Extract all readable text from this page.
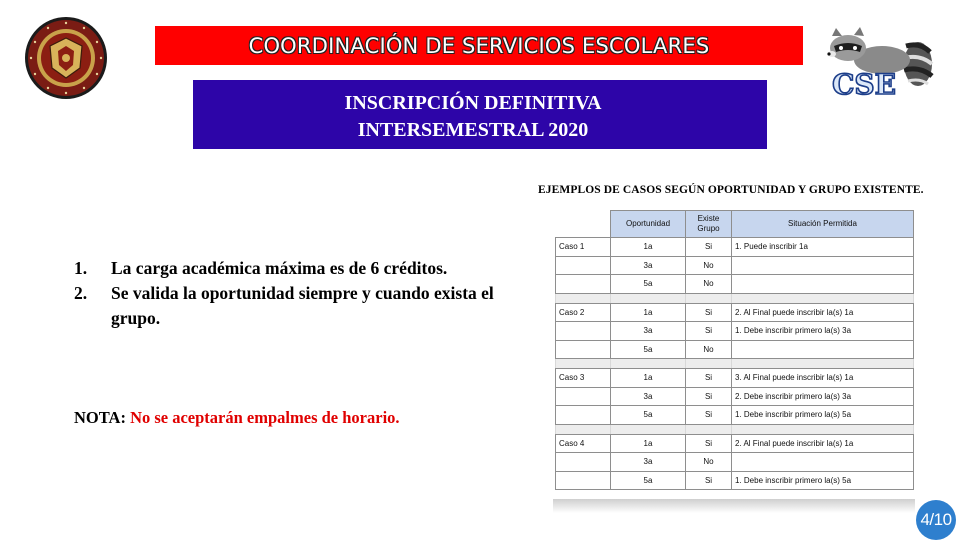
COORDINACIÓN DE SERVICIOS ESCOLARES
CSE
INSCRIPCIÓN DEFINITIVA
INTERSEMESTRAL 2020
1.	La carga académica máxima es de 6 créditos.
2.	Se valida la oportunidad siempre y cuando exista el grupo.
NOTA: No se aceptarán empalmes de horario.
EJEMPLOS DE CASOS SEGÚN OPORTUNIDAD Y GRUPO EXISTENTE.
	Oportunidad	Existe Grupo	Situación Permitida
Caso 1	1a	Si	1. Puede inscribir 1a
	3a	No	
	5a	No	

Caso 2	1a	Si	2. Al Final puede inscribir la(s) 1a
	3a	Si	1. Debe inscribir primero la(s) 3a
	5a	No	

Caso 3	1a	Si	3. Al Final puede inscribir la(s) 1a
	3a	Si	2. Debe inscribir primero la(s) 3a
	5a	Si	1. Debe inscribir primero la(s) 5a

Caso 4	1a	Si	2. Al Final puede inscribir la(s) 1a
	3a	No	
	5a	Si	1. Debe inscribir primero la(s) 5a
4/10
